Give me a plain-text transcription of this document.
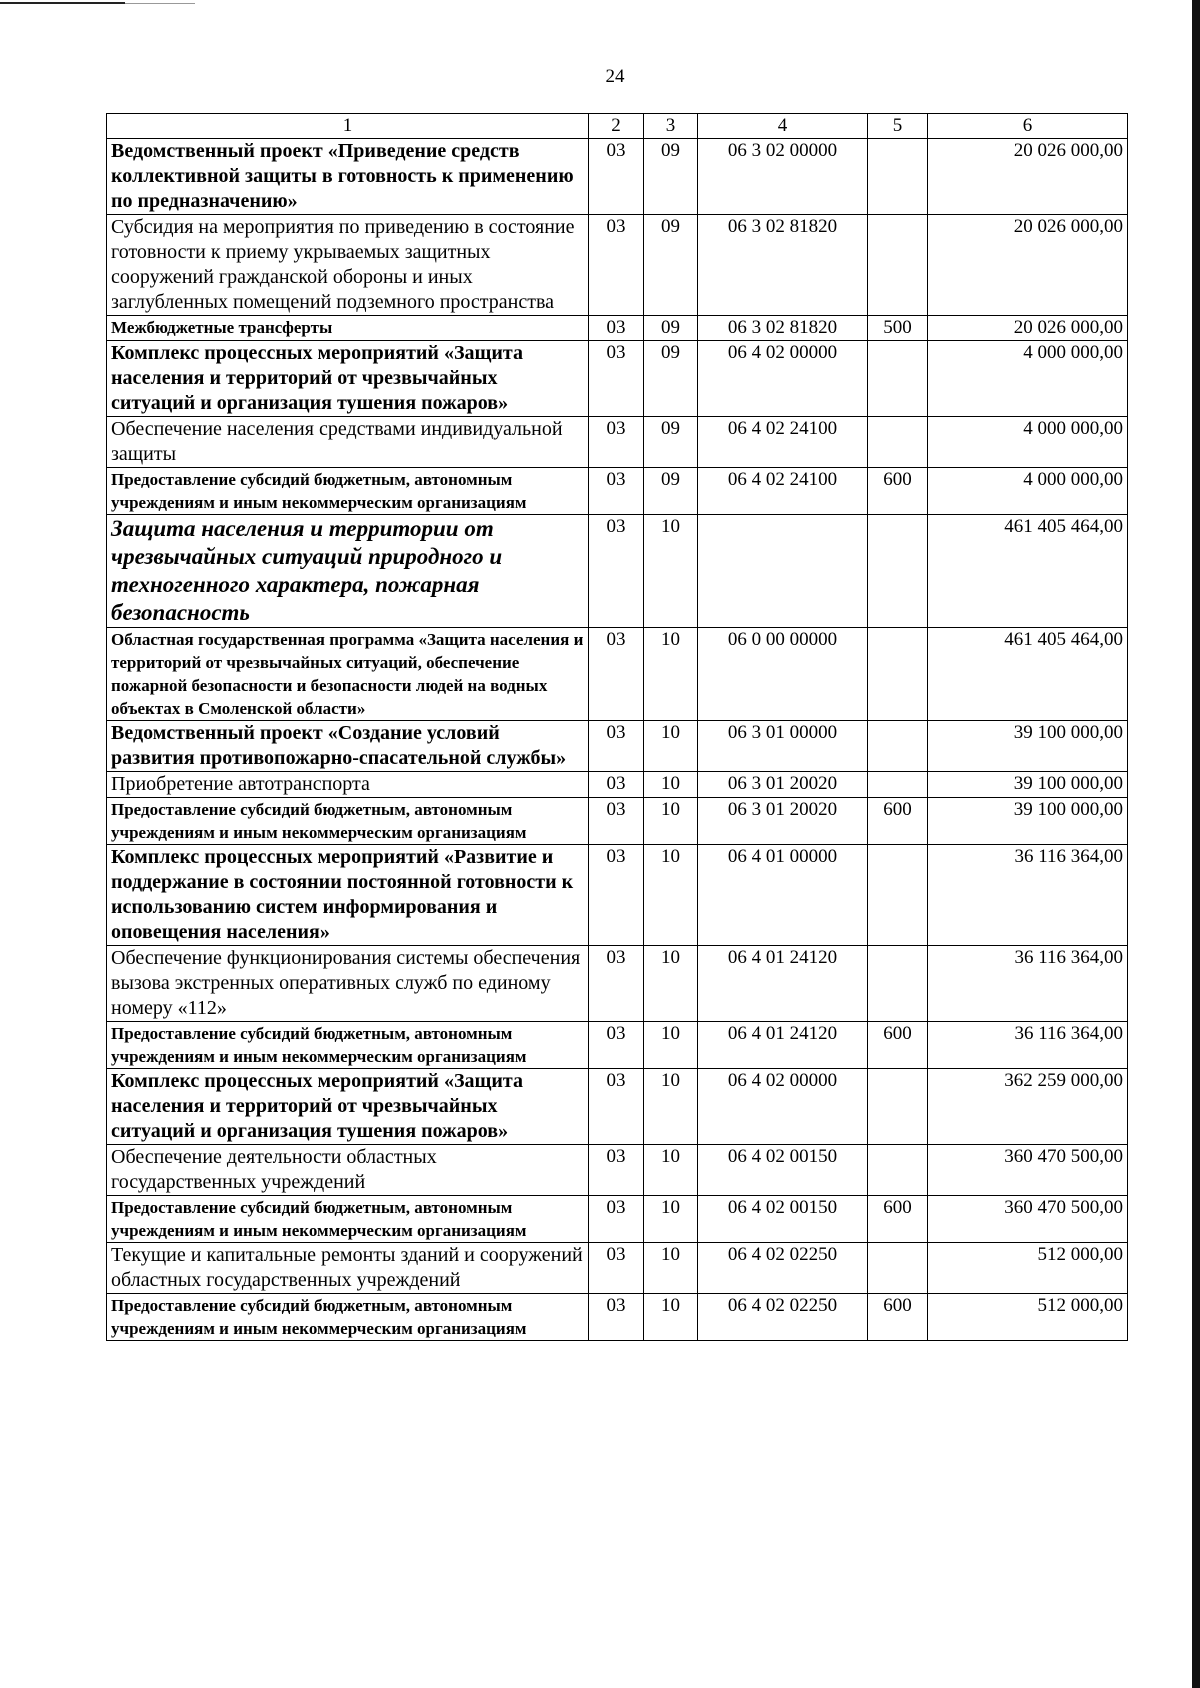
24
1	2	3	4	5	6
Ведомственный проект «Приведение средств коллективной защиты в готовность к применению по предназначению»	03	09	06 3 02 00000		20 026 000,00
Субсидия на мероприятия по приведению в состояние готовности к приему укрываемых защитных сооружений гражданской обороны и иных заглубленных помещений подземного пространства	03	09	06 3 02 81820		20 026 000,00
Межбюджетные трансферты	03	09	06 3 02 81820	500	20 026 000,00
Комплекс процессных мероприятий «Защита населения и территорий от чрезвычайных ситуаций и организация тушения пожаров»	03	09	06 4 02 00000		4 000 000,00
Обеспечение населения средствами индивидуальной защиты	03	09	06 4 02 24100		4 000 000,00
Предоставление субсидий бюджетным, автономным учреждениям и иным некоммерческим организациям	03	09	06 4 02 24100	600	4 000 000,00
Защита населения и территории от чрезвычайных ситуаций природного и техногенного характера, пожарная безопасность	03	10			461 405 464,00
Областная государственная программа «Защита населения и территорий от чрезвычайных ситуаций, обеспечение пожарной безопасности и безопасности людей на водных объектах в Смоленской области»	03	10	06 0 00 00000		461 405 464,00
Ведомственный проект «Создание условий развития противопожарно-спасательной службы»	03	10	06 3 01 00000		39 100 000,00
Приобретение автотранспорта	03	10	06 3 01 20020		39 100 000,00
Предоставление субсидий бюджетным, автономным учреждениям и иным некоммерческим организациям	03	10	06 3 01 20020	600	39 100 000,00
Комплекс процессных мероприятий «Развитие и поддержание в состоянии постоянной готовности к использованию систем информирования и оповещения населения»	03	10	06 4 01 00000		36 116 364,00
Обеспечение функционирования системы обеспечения вызова экстренных оперативных служб по единому номеру «112»	03	10	06 4 01 24120		36 116 364,00
Предоставление субсидий бюджетным, автономным учреждениям и иным некоммерческим организациям	03	10	06 4 01 24120	600	36 116 364,00
Комплекс процессных мероприятий «Защита населения и территорий от чрезвычайных ситуаций и организация тушения пожаров»	03	10	06 4 02 00000		362 259 000,00
Обеспечение деятельности областных государственных учреждений	03	10	06 4 02 00150		360 470 500,00
Предоставление субсидий бюджетным, автономным учреждениям и иным некоммерческим организациям	03	10	06 4 02 00150	600	360 470 500,00
Текущие и капитальные ремонты зданий и сооружений областных государственных учреждений	03	10	06 4 02 02250		512 000,00
Предоставление субсидий бюджетным, автономным учреждениям и иным некоммерческим организациям	03	10	06 4 02 02250	600	512 000,00
